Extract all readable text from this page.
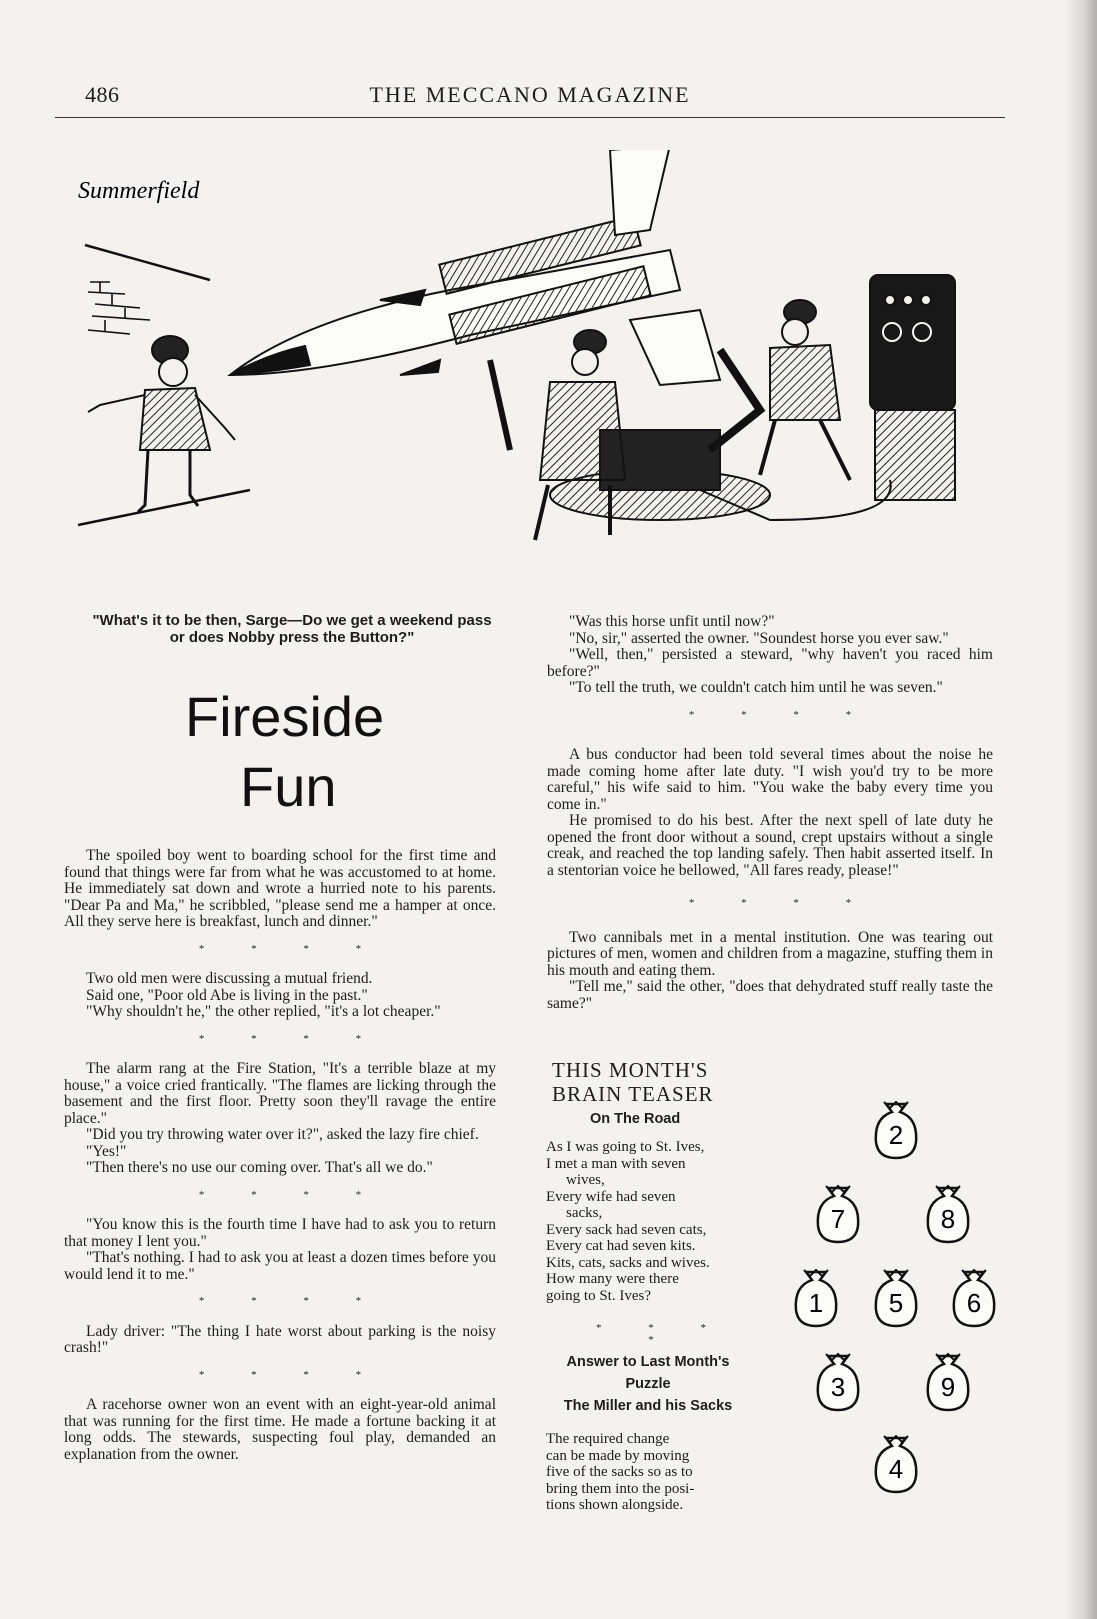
486	THE MECCANO MAGAZINE
Summerfield
"What's it to be then, Sarge—Do we get a weekend pass
or does Nobby press the Button?"
Fireside
Fun

The spoiled boy went to boarding school for the first time and found that things were far from what he was accustomed to at home. He immediately sat down and wrote a hurried note to his parents. "Dear Pa and Ma," he scribbled, "please send me a hamper at once. All they serve here is breakfast, lunch and dinner."

* * * *

Two old men were discussing a mutual friend.

Said one, "Poor old Abe is living in the past."

"Why shouldn't he," the other replied, "it's a lot cheaper."

* * * *

The alarm rang at the Fire Station, "It's a terrible blaze at my house," a voice cried frantically. "The flames are licking through the basement and the first floor. Pretty soon they'll ravage the entire place."

"Did you try throwing water over it?", asked the lazy fire chief.

"Yes!"

"Then there's no use our coming over. That's all we do."

* * * *

"You know this is the fourth time I have had to ask you to return that money I lent you."

"That's nothing. I had to ask you at least a dozen times before you would lend it to me."

* * * *

Lady driver: "The thing I hate worst about parking is the noisy crash!"

* * * *

A racehorse owner won an event with an eight-year-old animal that was running for the first time. He made a fortune backing it at long odds. The stewards, suspecting foul play, demanded an explanation from the owner.

"Was this horse unfit until now?"

"No, sir," asserted the owner. "Soundest horse you ever saw."

"Well, then," persisted a steward, "why haven't you raced him before?"

"To tell the truth, we couldn't catch him until he was seven."

* * * *

A bus conductor had been told several times about the noise he made coming home after late duty. "I wish you'd try to be more careful," his wife said to him. "You wake the baby every time you come in."

He promised to do his best. After the next spell of late duty he opened the front door without a sound, crept upstairs without a single creak, and reached the top landing safely. Then habit asserted itself. In a stentorian voice he bellowed, "All fares ready, please!"

* * * *

Two cannibals met in a mental institution. One was tearing out pictures of men, women and children from a magazine, stuffing them in his mouth and eating them.

"Tell me," said the other, "does that dehydrated stuff really taste the same?"

THIS MONTH'S
BRAIN TEASER
On The Road
As I was going to St. Ives,
I met a man with seven
wives,
Every wife had seven
sacks,
Every sack had seven cats,
Every cat had seven kits.
Kits, cats, sacks and wives.
How many were there
going to St. Ives?
* * * *
Answer to Last Month's
Puzzle
The Miller and his Sacks
The required change
can be made by moving
five of the sacks so as to
bring them into the posi-
tions shown alongside.
2
7	8
1	5 6
3	9
4
